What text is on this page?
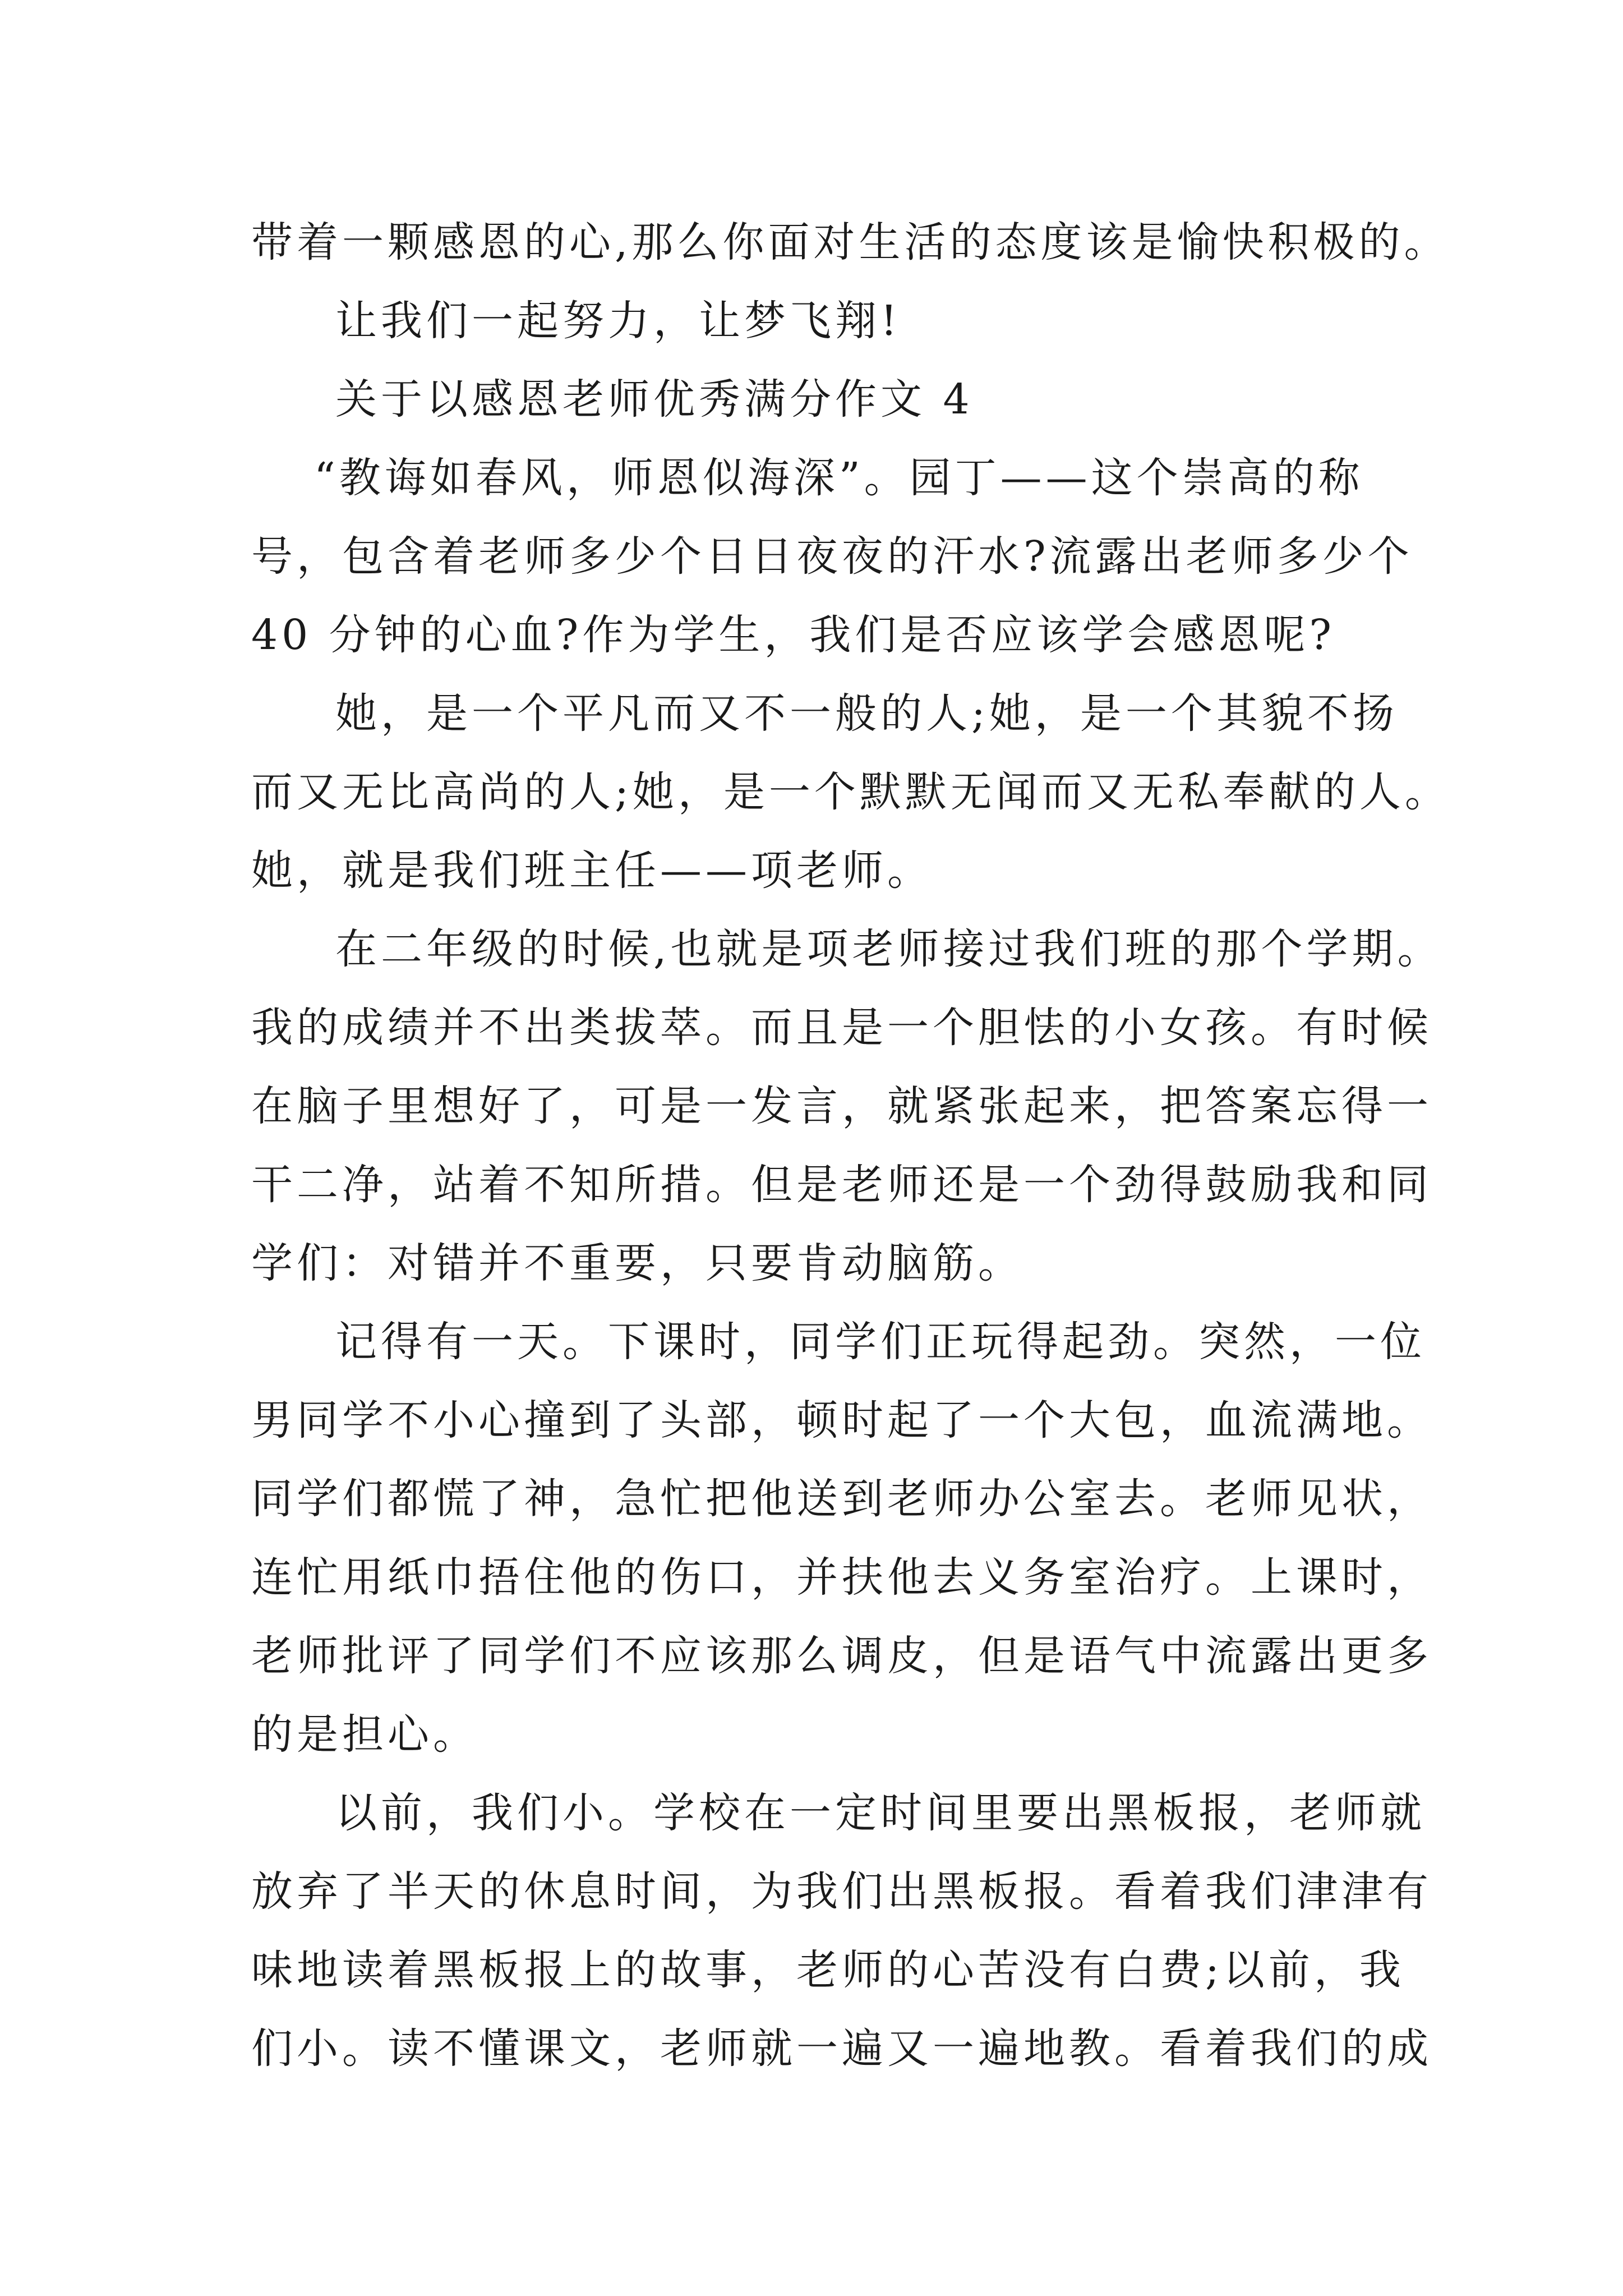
带着一颗感恩的心,那么你面对生活的态度该是愉快积极的。

让我们一起努力，让梦飞翔!

关于以感恩老师优秀满分作文 4

“教诲如春风，师恩似海深”。园丁——这个崇高的称

号，包含着老师多少个日日夜夜的汗水?流露出老师多少个

40 分钟的心血?作为学生，我们是否应该学会感恩呢?

她，是一个平凡而又不一般的人;她，是一个其貌不扬

而又无比高尚的人;她，是一个默默无闻而又无私奉献的人。

她，就是我们班主任——项老师。

在二年级的时候,也就是项老师接过我们班的那个学期。

我的成绩并不出类拔萃。而且是一个胆怯的小女孩。有时候

在脑子里想好了，可是一发言，就紧张起来，把答案忘得一

干二净，站着不知所措。但是老师还是一个劲得鼓励我和同

学们：对错并不重要，只要肯动脑筋。

记得有一天。下课时，同学们正玩得起劲。突然，一位

男同学不小心撞到了头部，顿时起了一个大包，血流满地。

同学们都慌了神，急忙把他送到老师办公室去。老师见状，

连忙用纸巾捂住他的伤口，并扶他去义务室治疗。上课时，

老师批评了同学们不应该那么调皮，但是语气中流露出更多

的是担心。

以前，我们小。学校在一定时间里要出黑板报，老师就

放弃了半天的休息时间，为我们出黑板报。看着我们津津有

味地读着黑板报上的故事，老师的心苦没有白费;以前，我

们小。读不懂课文，老师就一遍又一遍地教。看着我们的成
